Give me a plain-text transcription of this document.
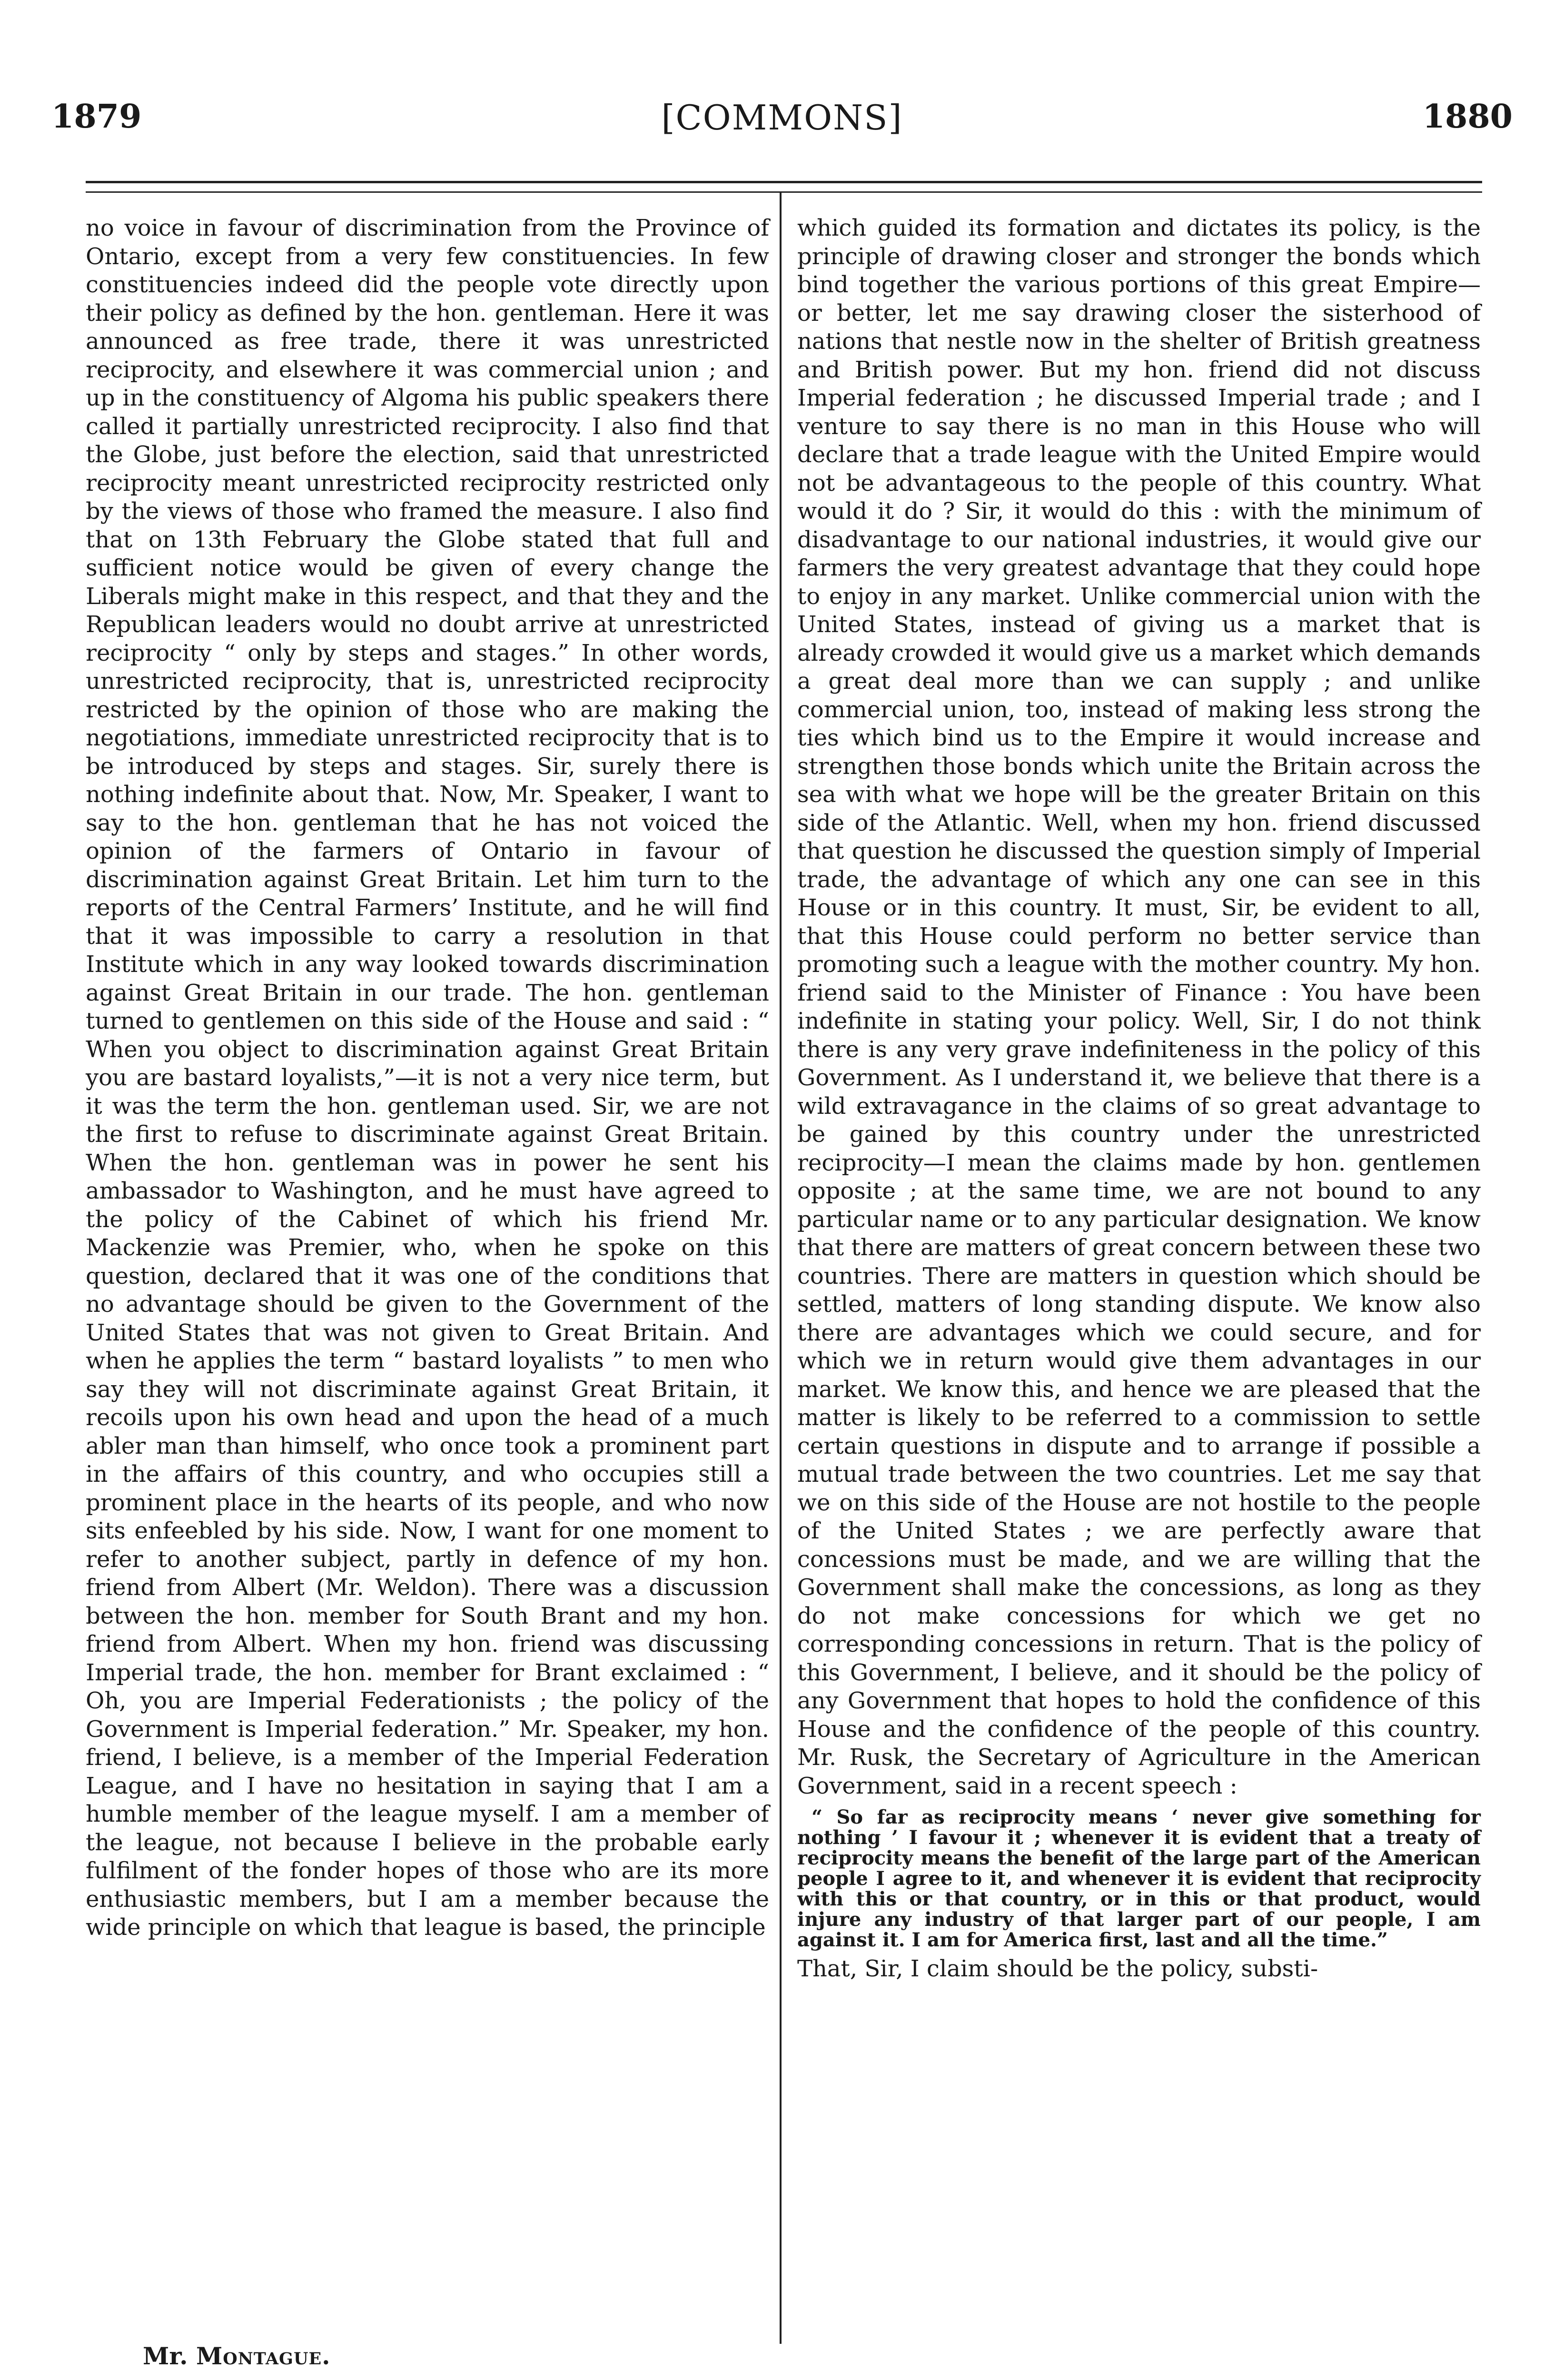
1879	[COMMONS]	1880

no voice in favour of discrimination from the Province of Ontario, except from a very few constituencies. In few constituencies indeed did the people vote directly upon their policy as defined by the hon. gentleman. Here it was announced as free trade, there it was unrestricted reciprocity, and elsewhere it was commercial union ; and up in the constituency of Algoma his public speakers there called it partially unrestricted reciprocity. I also find that the Globe, just before the election, said that unrestricted reciprocity meant unrestricted reciprocity restricted only by the views of those who framed the measure. I also find that on 13th February the Globe stated that full and sufficient notice would be given of every change the Liberals might make in this respect, and that they and the Republican leaders would no doubt arrive at unrestricted reciprocity “ only by steps and stages.” In other words, unrestricted reciprocity, that is, unrestricted reciprocity restricted by the opinion of those who are making the negotiations, immediate unrestricted reciprocity that is to be introduced by steps and stages. Sir, surely there is nothing indefinite about that. Now, Mr. Speaker, I want to say to the hon. gentleman that he has not voiced the opinion of the farmers of Ontario in favour of discrimination against Great Britain. Let him turn to the reports of the Central Farmers’ Institute, and he will find that it was impossible to carry a resolution in that Institute which in any way looked towards discrimination against Great Britain in our trade. The hon. gentleman turned to gentlemen on this side of the House and said : “ When you object to discrimination against Great Britain you are bastard loyalists,”—it is not a very nice term, but it was the term the hon. gentleman used. Sir, we are not the first to refuse to discriminate against Great Britain. When the hon. gentleman was in power he sent his ambassador to Washington, and he must have agreed to the policy of the Cabinet of which his friend Mr. Mackenzie was Premier, who, when he spoke on this question, declared that it was one of the conditions that no advantage should be given to the Government of the United States that was not given to Great Britain. And when he applies the term “ bastard loyalists ” to men who say they will not discriminate against Great Britain, it recoils upon his own head and upon the head of a much abler man than himself, who once took a prominent part in the affairs of this country, and who occupies still a prominent place in the hearts of its people, and who now sits enfeebled by his side. Now, I want for one moment to refer to another subject, partly in defence of my hon. friend from Albert (Mr. Weldon). There was a discussion between the hon. member for South Brant and my hon. friend from Albert. When my hon. friend was discussing Imperial trade, the hon. member for Brant exclaimed : “ Oh, you are Imperial Federationists ; the policy of the Government is Imperial federation.” Mr. Speaker, my hon. friend, I believe, is a member of the Imperial Federation League, and I have no hesitation in saying that I am a humble member of the league myself. I am a member of the league, not because I believe in the probable early fulfilment of the fonder hopes of those who are its more enthusiastic members, but I am a member because the wide principle on which that league is based, the principle

which guided its formation and dictates its policy, is the principle of drawing closer and stronger the bonds which bind together the various portions of this great Empire—or better, let me say drawing closer the sisterhood of nations that nestle now in the shelter of British greatness and British power. But my hon. friend did not discuss Imperial federation ; he discussed Imperial trade ; and I venture to say there is no man in this House who will declare that a trade league with the United Empire would not be advantageous to the people of this country. What would it do ? Sir, it would do this : with the minimum of disadvantage to our national industries, it would give our farmers the very greatest advantage that they could hope to enjoy in any market. Unlike commercial union with the United States, instead of giving us a market that is already crowded it would give us a market which demands a great deal more than we can supply ; and unlike commercial union, too, instead of making less strong the ties which bind us to the Empire it would increase and strengthen those bonds which unite the Britain across the sea with what we hope will be the greater Britain on this side of the Atlantic. Well, when my hon. friend discussed that question he discussed the question simply of Imperial trade, the advantage of which any one can see in this House or in this country. It must, Sir, be evident to all, that this House could perform no better service than promoting such a league with the mother country. My hon. friend said to the Minister of Finance : You have been indefinite in stating your policy. Well, Sir, I do not think there is any very grave indefiniteness in the policy of this Government. As I understand it, we believe that there is a wild extravagance in the claims of so great advantage to be gained by this country under the unrestricted reciprocity—I mean the claims made by hon. gentlemen opposite ; at the same time, we are not bound to any particular name or to any particular designation. We know that there are matters of great concern between these two countries. There are matters in question which should be settled, matters of long standing dispute. We know also there are advantages which we could secure, and for which we in return would give them advantages in our market. We know this, and hence we are pleased that the matter is likely to be referred to a commission to settle certain questions in dispute and to arrange if possible a mutual trade between the two countries. Let me say that we on this side of the House are not hostile to the people of the United States ; we are perfectly aware that concessions must be made, and we are willing that the Government shall make the concessions, as long as they do not make concessions for which we get no corresponding concessions in return. That is the policy of this Government, I believe, and it should be the policy of any Government that hopes to hold the confidence of this House and the confidence of the people of this country. Mr. Rusk, the Secretary of Agriculture in the American Government, said in a recent speech :

“ So far as reciprocity means ‘ never give something for nothing ’ I favour it ; whenever it is evident that a treaty of reciprocity means the benefit of the large part of the American people I agree to it, and whenever it is evident that reciprocity with this or that country, or in this or that product, would injure any industry of that larger part of our people, I am against it. I am for America first, last and all the time.”

That, Sir, I claim should be the policy, substi-

Mr. Montague.
